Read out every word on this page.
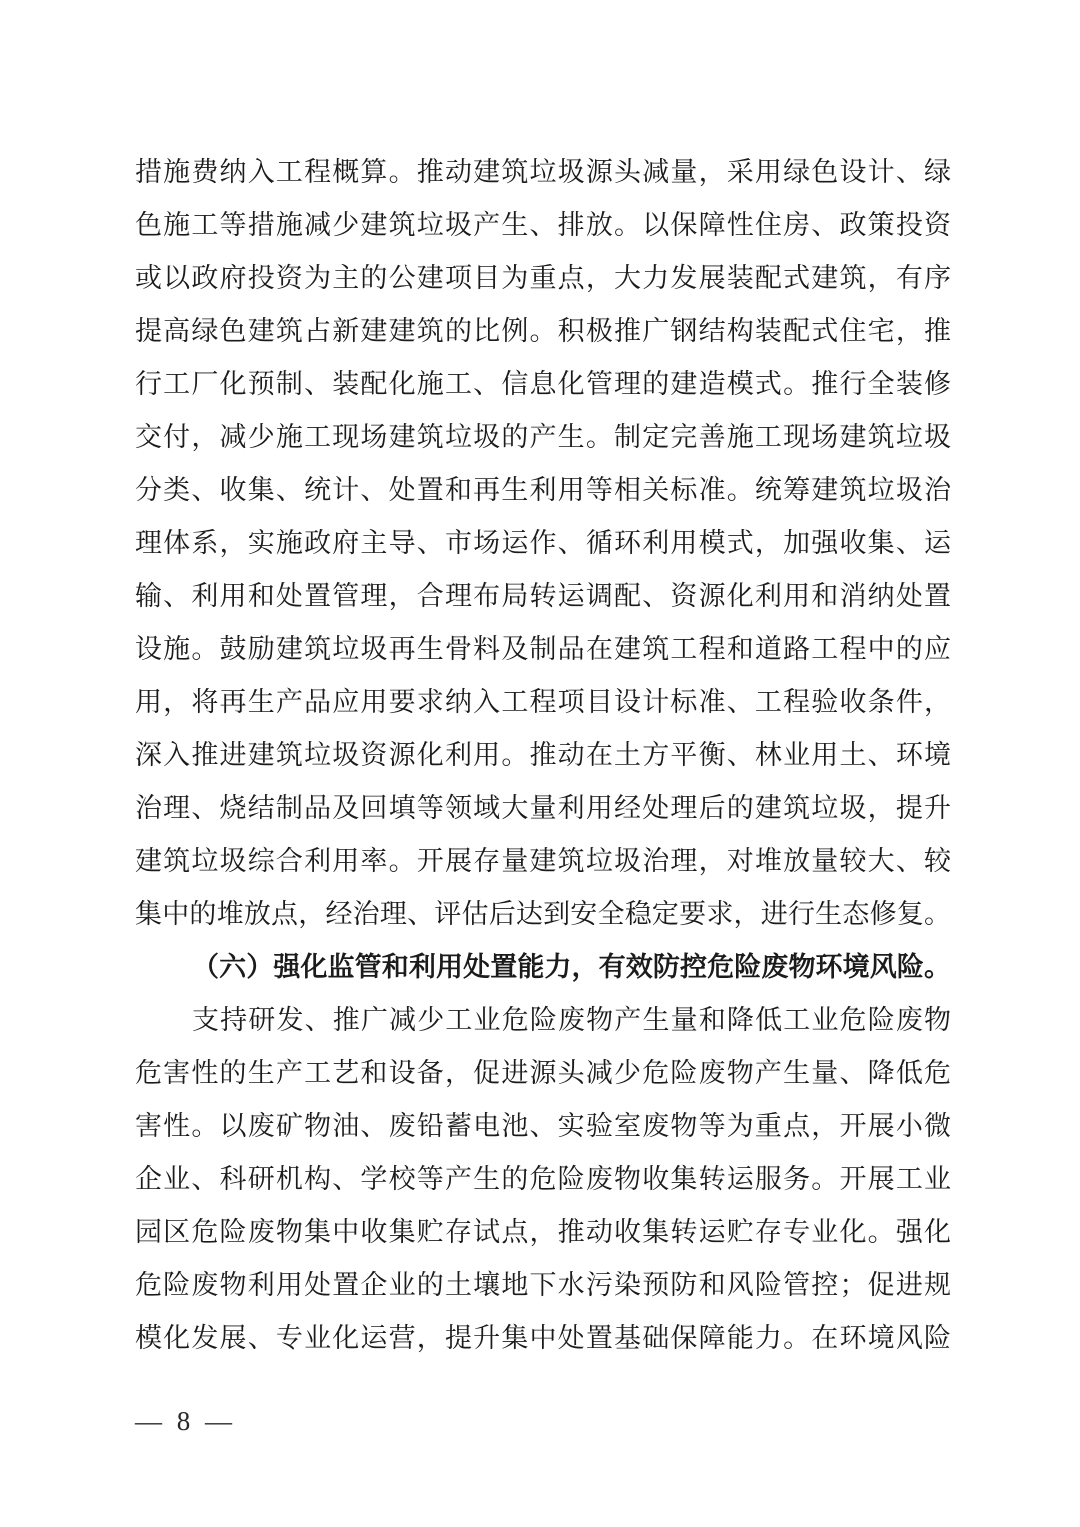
措施费纳入工程概算。推动建筑垃圾源头减量，采用绿色设计、绿
色施工等措施减少建筑垃圾产生、排放。以保障性住房、政策投资
或以政府投资为主的公建项目为重点，大力发展装配式建筑，有序
提高绿色建筑占新建建筑的比例。积极推广钢结构装配式住宅，推
行工厂化预制、装配化施工、信息化管理的建造模式。推行全装修
交付，减少施工现场建筑垃圾的产生。制定完善施工现场建筑垃圾
分类、收集、统计、处置和再生利用等相关标准。统筹建筑垃圾治
理体系，实施政府主导、市场运作、循环利用模式，加强收集、运
输、利用和处置管理，合理布局转运调配、资源化利用和消纳处置
设施。鼓励建筑垃圾再生骨料及制品在建筑工程和道路工程中的应
用，将再生产品应用要求纳入工程项目设计标准、工程验收条件，
深入推进建筑垃圾资源化利用。推动在土方平衡、林业用土、环境
治理、烧结制品及回填等领域大量利用经处理后的建筑垃圾，提升
建筑垃圾综合利用率。开展存量建筑垃圾治理，对堆放量较大、较
集中的堆放点，经治理、评估后达到安全稳定要求，进行生态修复。
（六）强化监管和利用处置能力，有效防控危险废物环境风险。
支持研发、推广减少工业危险废物产生量和降低工业危险废物
危害性的生产工艺和设备，促进源头减少危险废物产生量、降低危
害性。以废矿物油、废铅蓄电池、实验室废物等为重点，开展小微
企业、科研机构、学校等产生的危险废物收集转运服务。开展工业
园区危险废物集中收集贮存试点，推动收集转运贮存专业化。强化
危险废物利用处置企业的土壤地下水污染预防和风险管控；促进规
模化发展、专业化运营，提升集中处置基础保障能力。在环境风险
— 8 —
